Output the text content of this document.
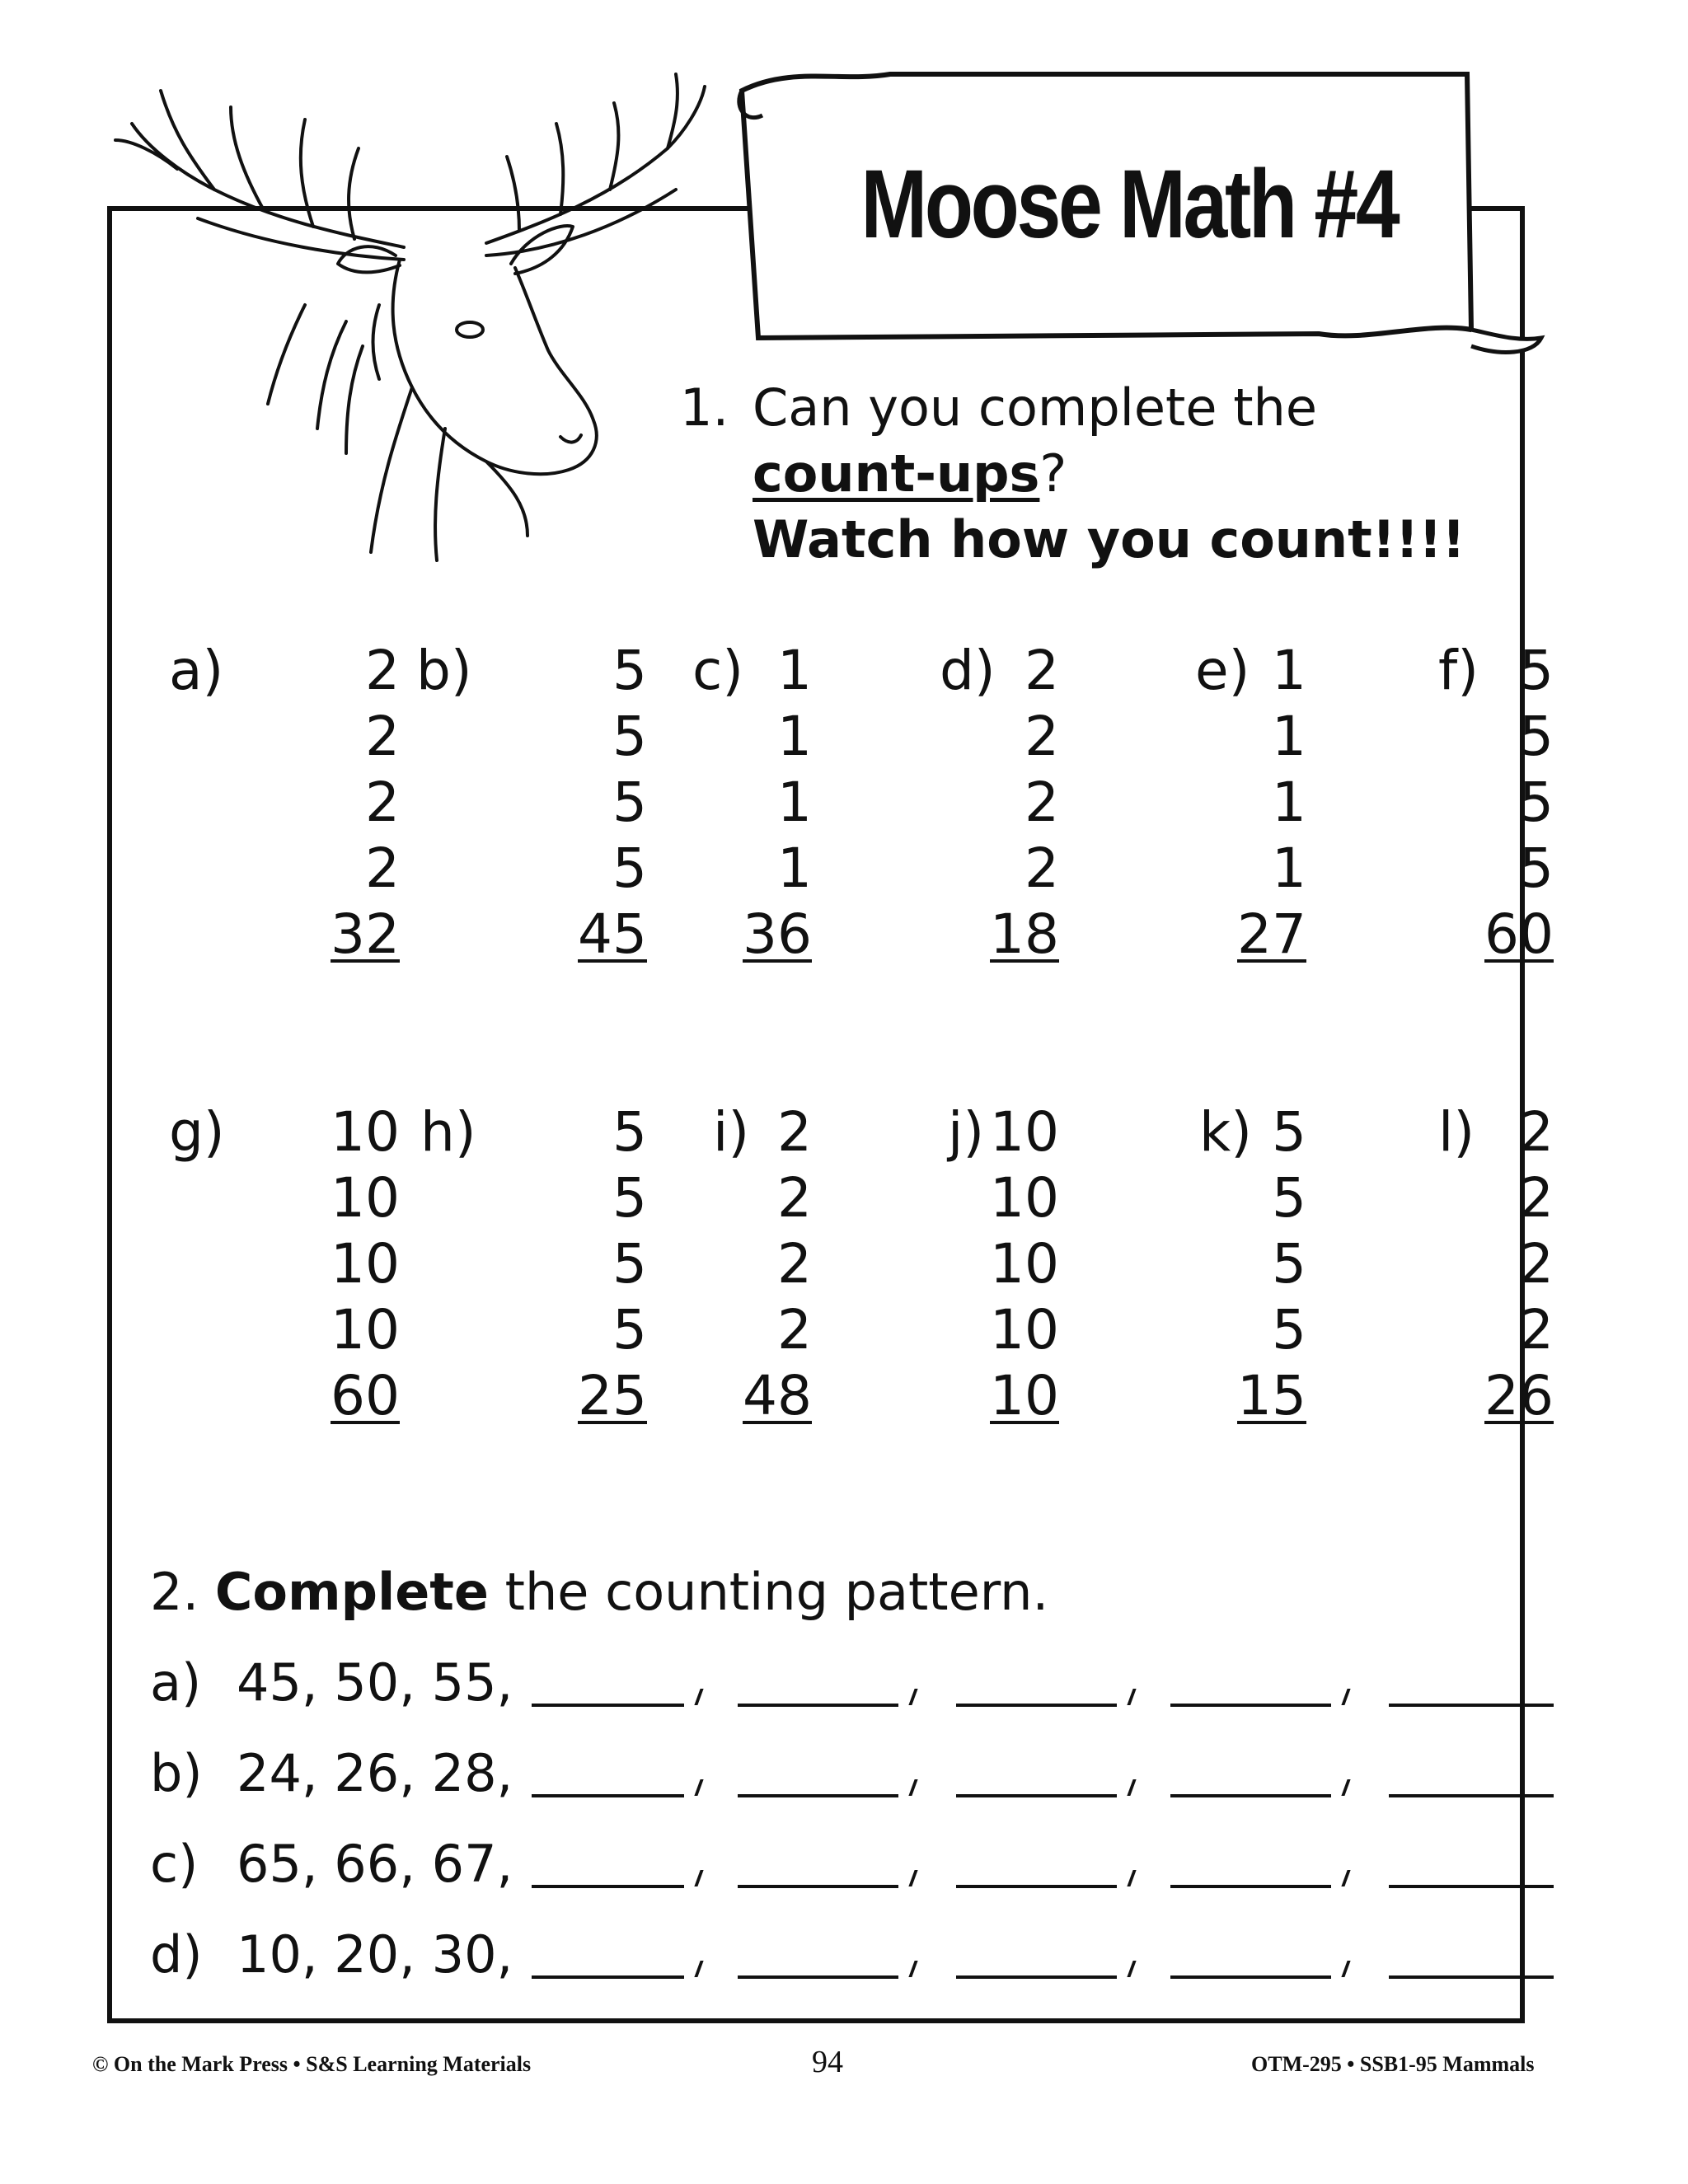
Moose Math #4
1. Can you complete the
count-ups?
Watch how you count!!!!
a)	2
2
2
2
32
b)	5
5
5
5
45
c) 1
1
1
1
36
d) 2
2
2
2
18
e) 1
1
1
1
27
f) 5
5
5
5
60
g)	10
10
10
10
60
h)	5
5
5
5
25
i) 2
2
2
2
48
j) 10
10
10
10
10
k) 5
5
5
5
15
l) 2
2
2
2
26
2. Complete the counting pattern.
a) 45, 50, 55,
b) 24, 26, 28,
c) 65, 66, 67,
d) 10, 20, 30,
© On the Mark Press • S&S Learning Materials	94	OTM-295 • SSB1-95 Mammals
